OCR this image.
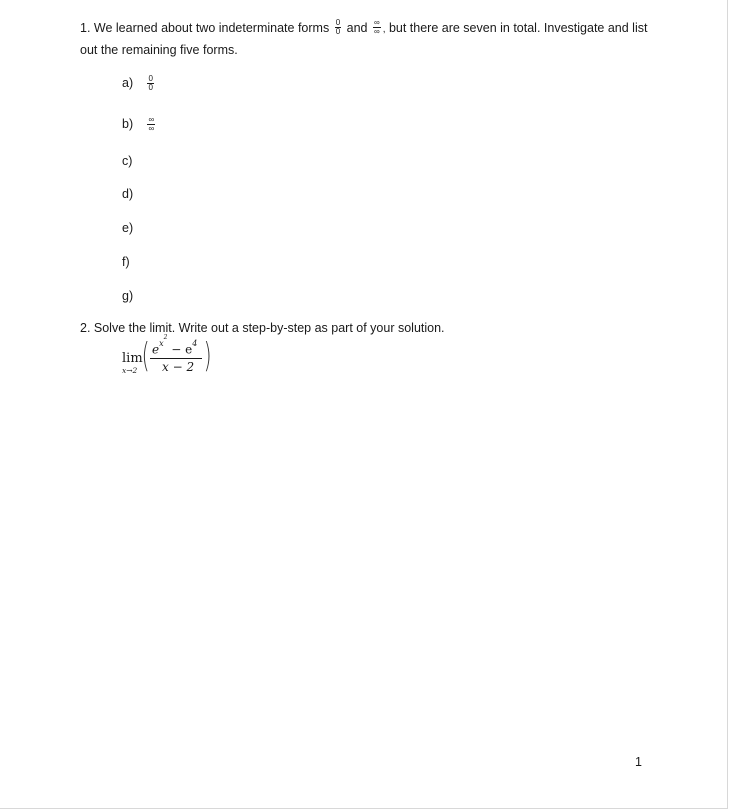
1. We learned about two indeterminate forms $\frac{0}{0}$ and $\frac{\infty}{\infty}$ , but there are seven in total. Investigate and list out the remaining five forms.
$a) \frac{0}{0}$
$b) \frac{\infty}{\infty}$
c)
d)
e)
f)
g)
2. Solve the limit. Write out a step-by-step as part of your solution.
lim
x→2 ( $e^{x^2} - e^4$
x − 2 )
1
